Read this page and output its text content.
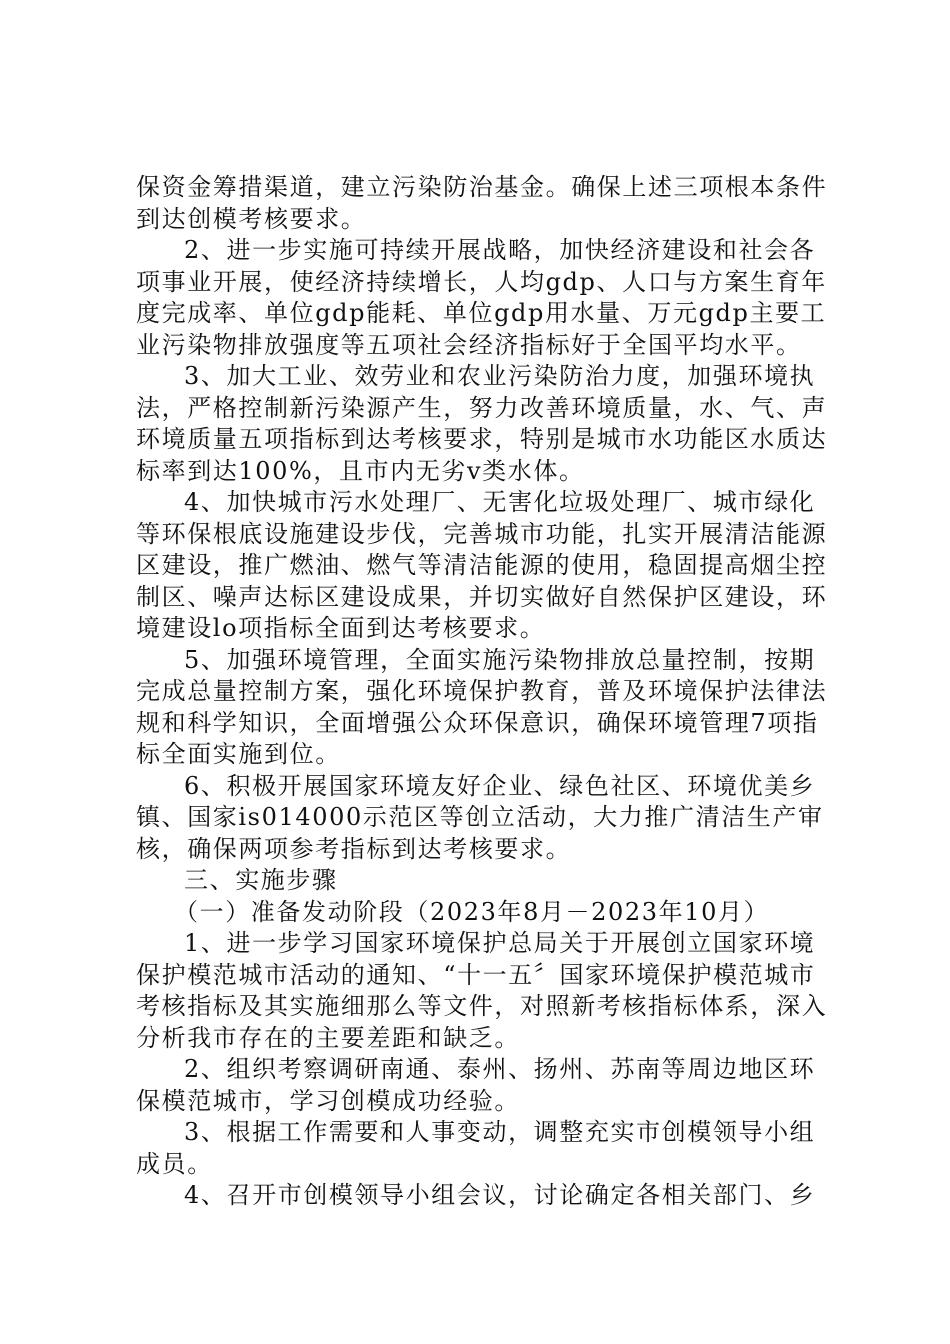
保资金筹措渠道，建立污染防治基金。确保上述三项根本条件
到达创模考核要求。
2、进一步实施可持续开展战略，加快经济建设和社会各
项事业开展，使经济持续增长，人均gdp、人口与方案生育年
度完成率、单位gdp能耗、单位gdp用水量、万元gdp主要工
业污染物排放强度等五项社会经济指标好于全国平均水平。
3、加大工业、效劳业和农业污染防治力度，加强环境执
法，严格控制新污染源产生，努力改善环境质量，水、气、声
环境质量五项指标到达考核要求，特别是城市水功能区水质达
标率到达100%，且市内无劣v类水体。
4、加快城市污水处理厂、无害化垃圾处理厂、城市绿化
等环保根底设施建设步伐，完善城市功能，扎实开展清洁能源
区建设，推广燃油、燃气等清洁能源的使用，稳固提高烟尘控
制区、噪声达标区建设成果，并切实做好自然保护区建设，环
境建设lo项指标全面到达考核要求。
5、加强环境管理，全面实施污染物排放总量控制，按期
完成总量控制方案，强化环境保护教育，普及环境保护法律法
规和科学知识，全面增强公众环保意识，确保环境管理7项指
标全面实施到位。
6、积极开展国家环境友好企业、绿色社区、环境优美乡
镇、国家is014000示范区等创立活动，大力推广清洁生产审
核，确保两项参考指标到达考核要求。
三、实施步骤
（一）准备发动阶段（2023年8月－2023年10月）
1、进一步学习国家环境保护总局关于开展创立国家环境
保护模范城市活动的通知、“十一五〞国家环境保护模范城市
考核指标及其实施细那么等文件，对照新考核指标体系，深入
分析我市存在的主要差距和缺乏。
2、组织考察调研南通、泰州、扬州、苏南等周边地区环
保模范城市，学习创模成功经验。
3、根据工作需要和人事变动，调整充实市创模领导小组
成员。
4、召开市创模领导小组会议，讨论确定各相关部门、乡
